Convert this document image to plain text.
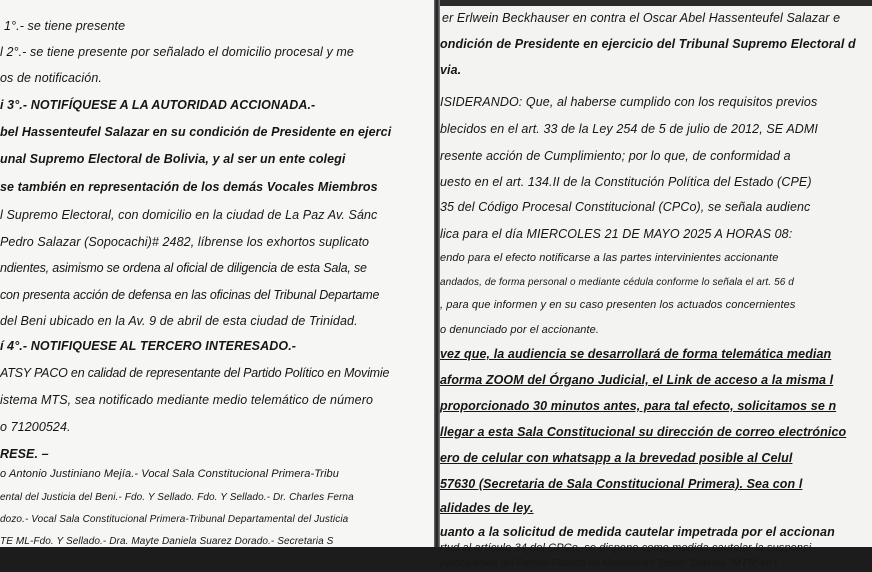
1°.- se tiene presente
l 2°.- se tiene presente por señalado el domicilio procesal y me
os de notificación.
i 3°.- NOTIFÍQUESE A LA AUTORIDAD ACCIONADA.-
bel Hassenteufel Salazar en su condición de Presidente en ejerci
unal Supremo Electoral de Bolivia, y al ser un ente colegi
se también en representación de los demás Vocales Miembros
l Supremo Electoral, con domicilio en la ciudad de La Paz Av. Sánc
Pedro Salazar (Sopocachi)# 2482, líbrense los exhortos suplicato
ndientes, asimismo se ordena al oficial de diligencia de esta Sala, se
con presenta acción de defensa en las oficinas del Tribunal Departame
del Beni ubicado en la Av. 9 de abril de esta ciudad de Trinidad.
í 4°.- NOTIFIQUESE AL TERCERO INTERESADO.-
ATSY PACO en calidad de representante del Partido Político en Movimie
istema MTS, sea notificado mediante medio telemático de número
o 71200524.
RESE. –
o Antonio Justiniano Mejía.- Vocal Sala Constitucional Primera-Tribu
ental del Justicia del Beni.- Fdo. Y Sellado. Fdo. Y Sellado.- Dr. Charles Ferna
dozo.- Vocal Sala Constitucional Primera-Tribunal Departamental del Justicia
TE ML-Fdo. Y Sellado.- Dra. Mayte Daniela Suarez Dorado.- Secretaria S
er Erlwein Beckhauser en contra el Oscar Abel Hassenteufel Salazar e
ondición de Presidente en ejercicio del Tribunal Supremo Electoral d
via.
ISIDERANDO: Que, al haberse cumplido con los requisitos previos
blecidos en el art. 33 de la Ley 254 de 5 de julio de 2012, SE ADMI
resente acción de Cumplimiento; por lo que, de conformidad a
uesto en el art. 134.II de la Constitución Política del Estado (CPE)
35 del Código Procesal Constitucional (CPCo), se señala audienc
lica para el día MIERCOLES 21 DE MAYO 2025 A HORAS 08:
endo para el efecto notificarse a las partes intervinientes accionante
andados, de forma personal o mediante cédula conforme lo señala el art. 56 d
, para que informen y en su caso presenten los actuados concernientes
o denunciado por el accionante.
vez que, la audiencia se desarrollará de forma telemática median
aforma ZOOM del Órgano Judicial, el Link de acceso a la misma l
proporcionado 30 minutos antes, para tal efecto, solicitamos se n
llegar a esta Sala Constitucional su dirección de correo electrónico
ero de celular con whatsapp a la brevedad posible al Celul
57630 (Secretaria de Sala Constitucional Primera). Sea con l
alidades de ley.
uanto a la solicitud de medida cautelar impetrada por el accionan
rtud al artículo 34 del CPCo, se dispone como medida cautelar la suspensi
participación del Partido Político en Movimiento Tercer Sistema "MTS" en l
